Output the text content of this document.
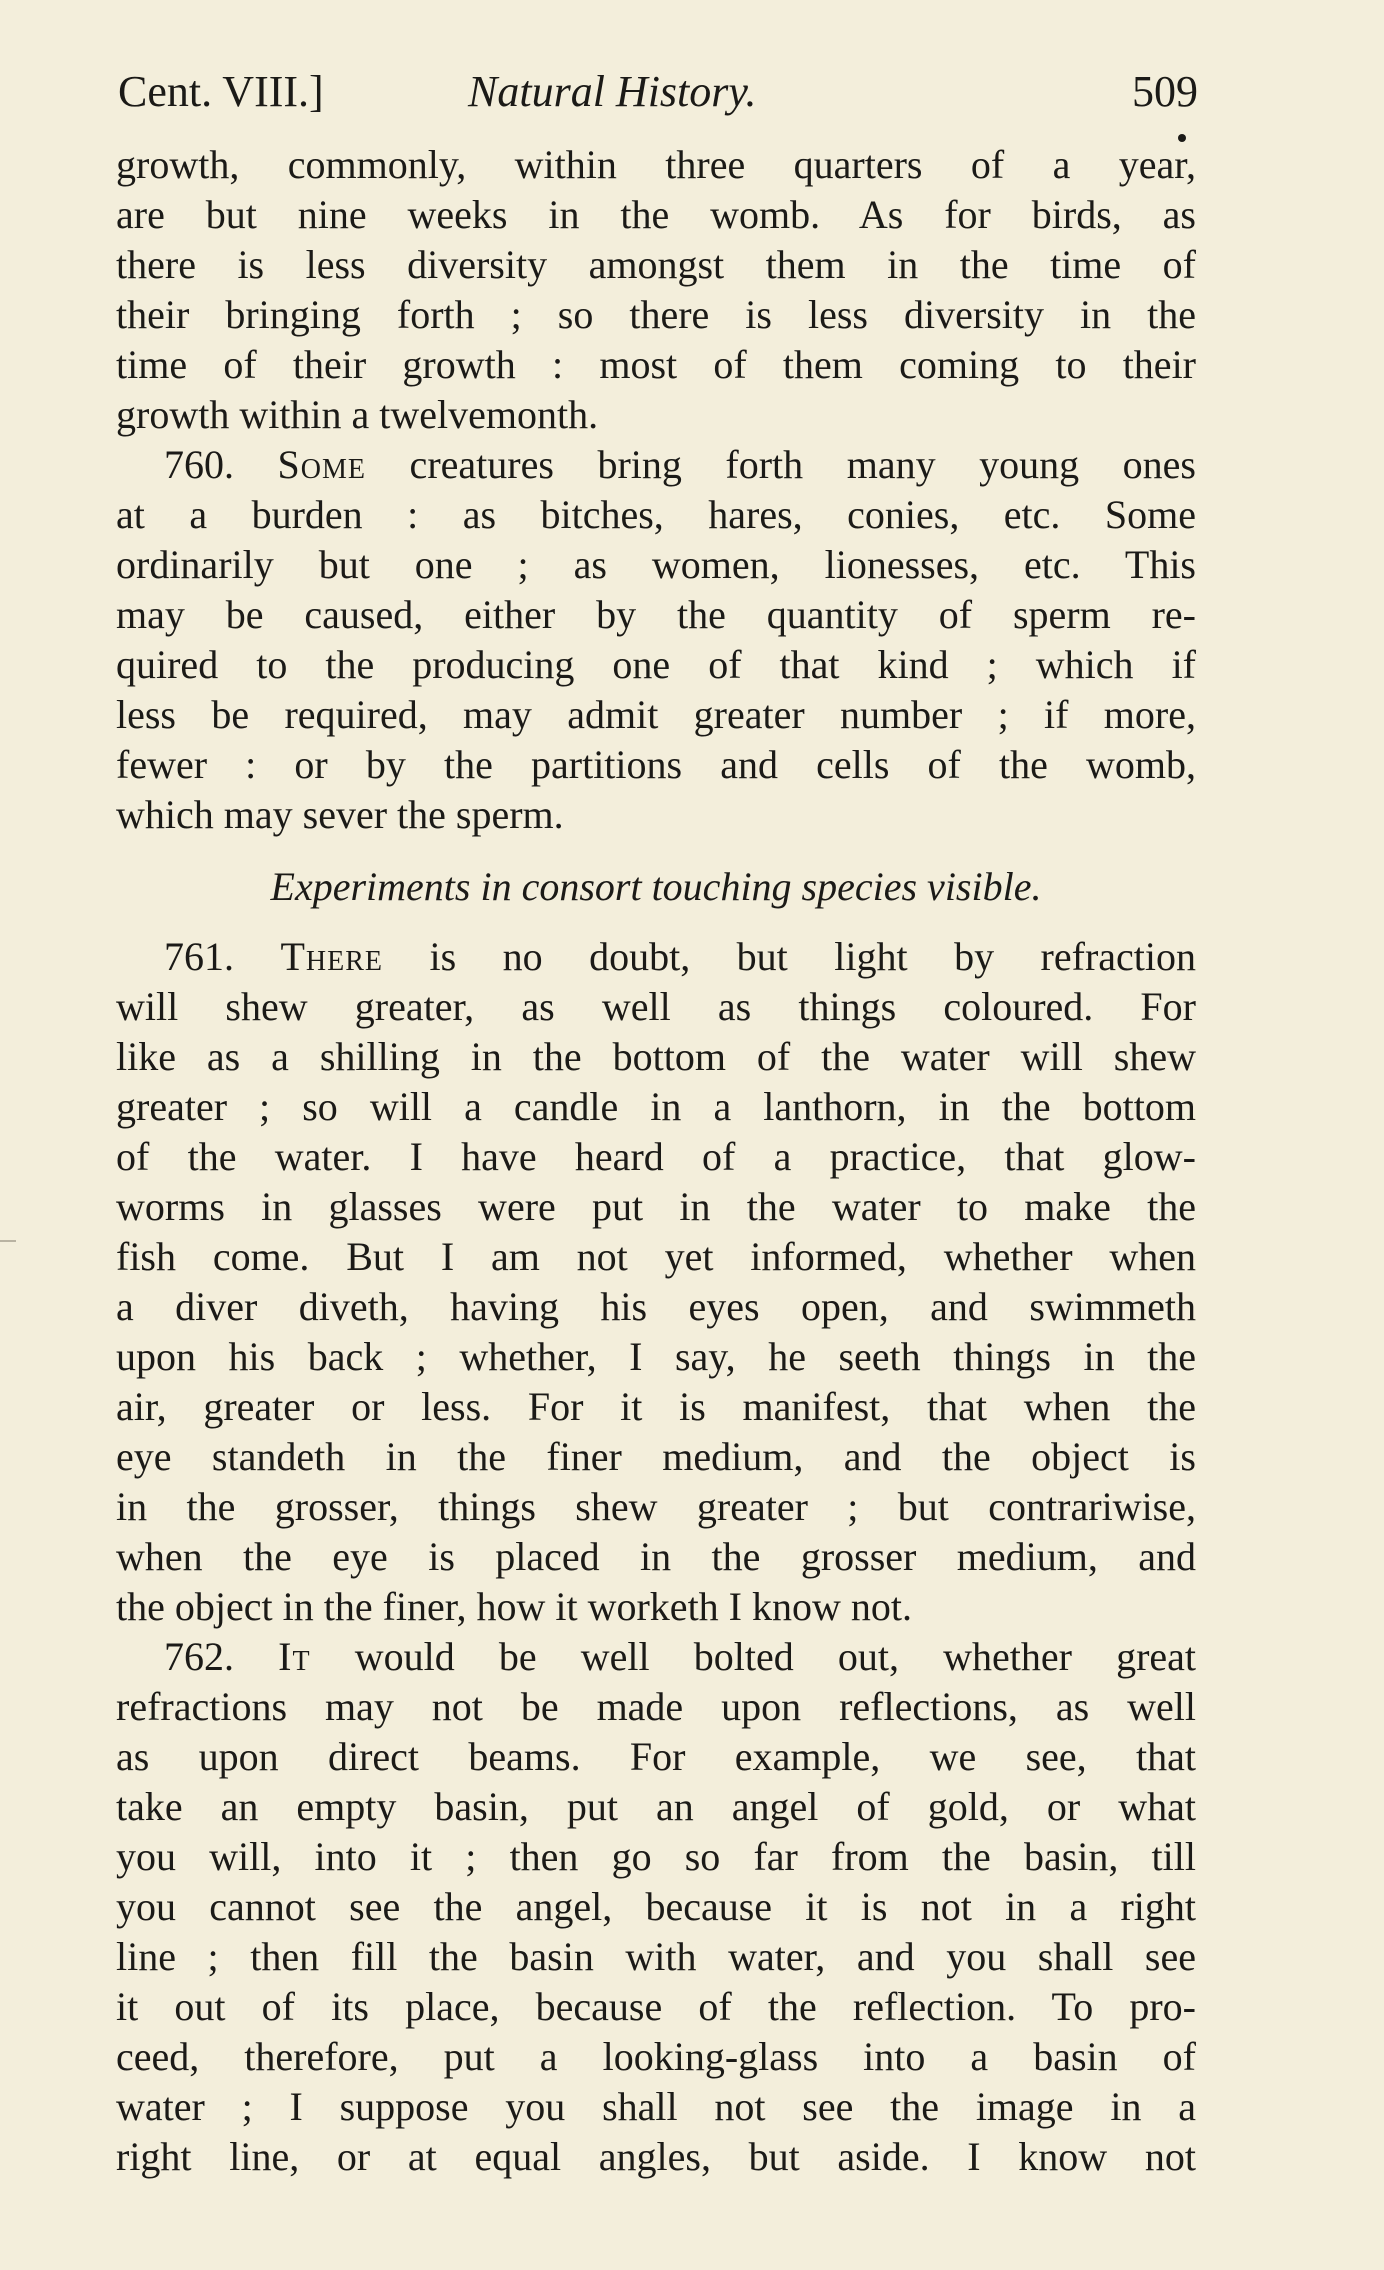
Cent. VIII.]	Natural History.	509
growth, commonly, within three quarters of a year,
are but nine weeks in the womb. As for birds, as
there is less diversity amongst them in the time of
their bringing forth ; so there is less diversity in the
time of their growth : most of them coming to their
growth within a twelvemonth.
760. Some creatures bring forth many young ones
at a burden : as bitches, hares, conies, etc. Some
ordinarily but one ; as women, lionesses, etc. This
may be caused, either by the quantity of sperm re-
quired to the producing one of that kind ; which if
less be required, may admit greater number ; if more,
fewer : or by the partitions and cells of the womb,
which may sever the sperm.
Experiments in consort touching species visible.
761. There is no doubt, but light by refraction
will shew greater, as well as things coloured. For
like as a shilling in the bottom of the water will shew
greater ; so will a candle in a lanthorn, in the bottom
of the water. I have heard of a practice, that glow-
worms in glasses were put in the water to make the
fish come. But I am not yet informed, whether when
a diver diveth, having his eyes open, and swimmeth
upon his back ; whether, I say, he seeth things in the
air, greater or less. For it is manifest, that when the
eye standeth in the finer medium, and the object is
in the grosser, things shew greater ; but contrariwise,
when the eye is placed in the grosser medium, and
the object in the finer, how it worketh I know not.
762. It would be well bolted out, whether great
refractions may not be made upon reflections, as well
as upon direct beams. For example, we see, that
take an empty basin, put an angel of gold, or what
you will, into it ; then go so far from the basin, till
you cannot see the angel, because it is not in a right
line ; then fill the basin with water, and you shall see
it out of its place, because of the reflection. To pro-
ceed, therefore, put a looking-glass into a basin of
water ; I suppose you shall not see the image in a
right line, or at equal angles, but aside. I know not
